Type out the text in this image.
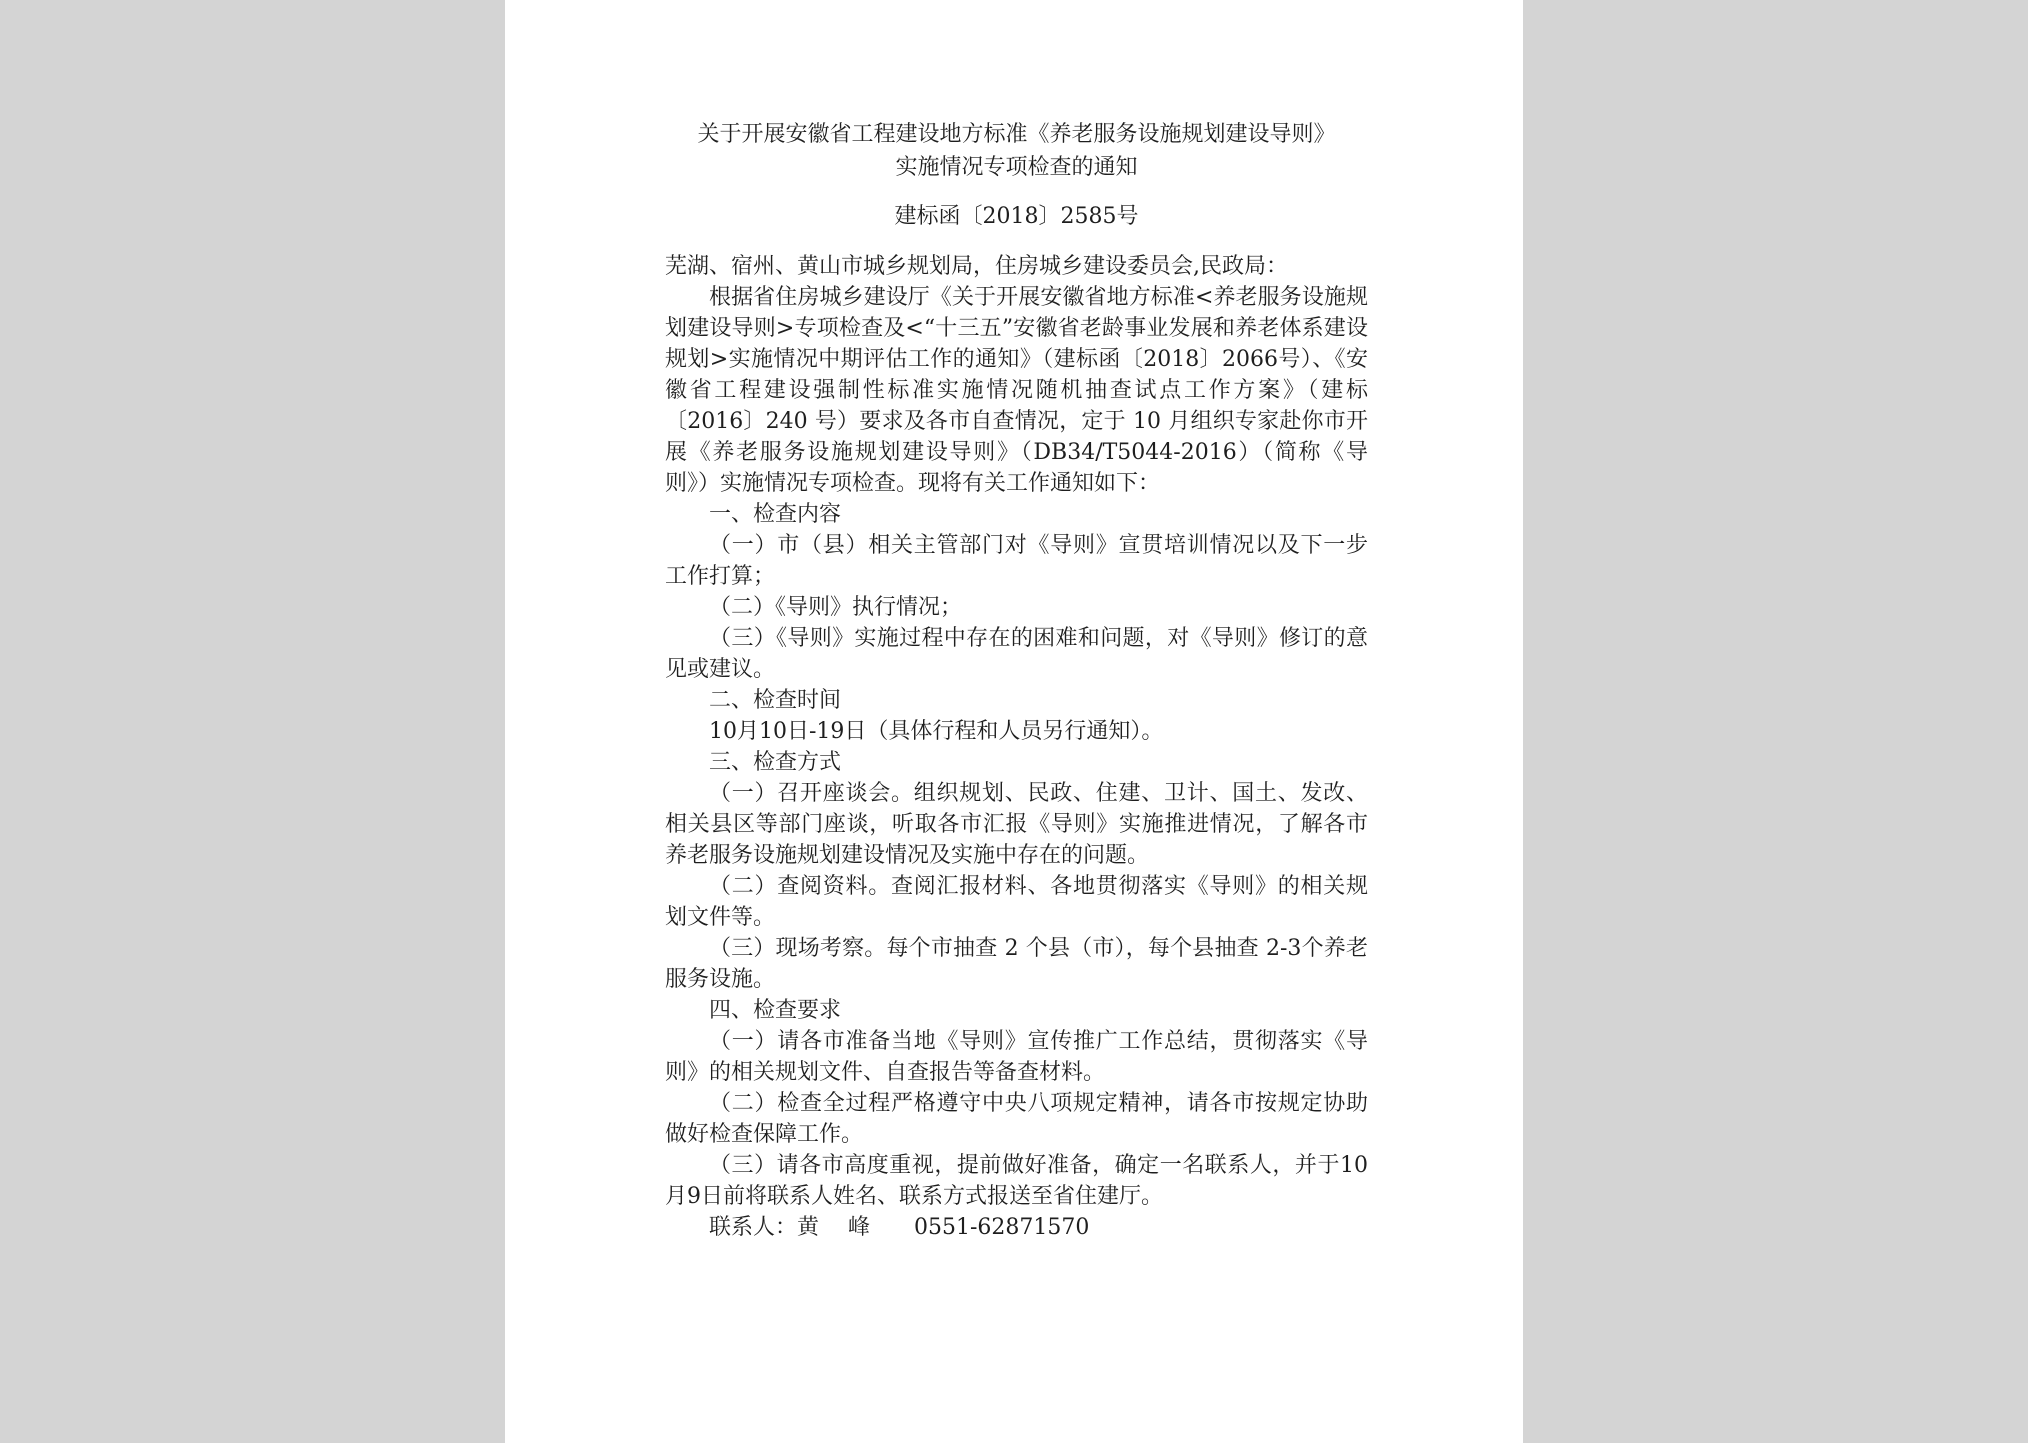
关于开展安徽省工程建设地方标准《养老服务设施规划建设导则》
实施情况专项检查的通知
建标函〔2018〕2585号

芜湖、宿州、黄山市城乡规划局，住房城乡建设委员会,民政局：

根据省住房城乡建设厅《关于开展安徽省地方标准<养老服务设施规划建设导则>专项检查及<“十三五”安徽省老龄事业发展和养老体系建设规划>实施情况中期评估工作的通知》（建标函〔2018〕2066号）、《安徽省工程建设强制性标准实施情况随机抽查试点工作方案》（建标〔2016〕240 号）要求及各市自查情况，定于 10 月组织专家赴你市开展《养老服务设施规划建设导则》（DB34/T5044-2016）（简称《导则》）实施情况专项检查。现将有关工作通知如下：

一、检查内容

（一）市（县）相关主管部门对《导则》宣贯培训情况以及下一步工作打算；

（二）《导则》执行情况；

（三）《导则》实施过程中存在的困难和问题，对《导则》修订的意见或建议。

二、检查时间

10月10日-19日（具体行程和人员另行通知）。

三、检查方式

（一）召开座谈会。组织规划、民政、住建、卫计、国土、发改、相关县区等部门座谈，听取各市汇报《导则》实施推进情况，了解各市养老服务设施规划建设情况及实施中存在的问题。

（二）查阅资料。查阅汇报材料、各地贯彻落实《导则》的相关规划文件等。

（三）现场考察。每个市抽查 2 个县（市），每个县抽查 2-3个养老服务设施。

四、检查要求

（一）请各市准备当地《导则》宣传推广工作总结，贯彻落实《导则》的相关规划文件、自查报告等备查材料。

（二）检查全过程严格遵守中央八项规定精神，请各市按规定协助做好检查保障工作。

（三）请各市高度重视，提前做好准备，确定一名联系人，并于10月9日前将联系人姓名、联系方式报送至省住建厅。

联系人：黄　 峰　　0551-62871570
